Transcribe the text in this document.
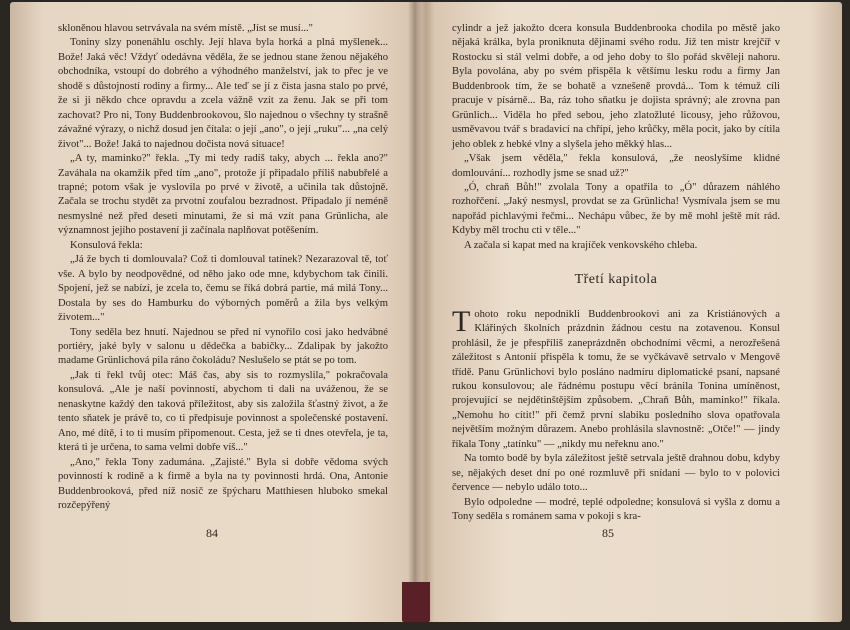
skloněnou hlavou setrvávala na svém místě. „Jíst se musí..."

Toniny slzy ponenáhlu oschly. Její hlava byla horká a plná myšlenek... Bože! Jaká věc! Vždyť odedávna věděla, že se jednou stane ženou nějakého obchodníka, vstoupí do dobrého a výhodného manželství, jak to přec je ve shodě s důstojností rodiny a firmy... Ale teď se jí z čista jasna stalo po prvé, že si ji někdo chce opravdu a zcela vážně vzít za ženu. Jak se při tom zachovat? Pro ni, Tony Buddenbrookovou, šlo najednou o všechny ty strašně závažné výrazy, o nichž dosud jen čítala: o její „ano", o její „ruku"... „na celý život"... Bože! Jaká to najednou dočista nová situace!

„A ty, maminko?" řekla. „Ty mi tedy radíš taky, abych ... řekla ano?" Zaváhala na okamžik před tím „ano", protože jí připadalo příliš nabubřelé a trapné; potom však je vyslovila po prvé v životě, a učinila tak důstojně. Začala se trochu stydět za prvotní zoufalou bezradnost. Připadalo jí neméně nesmyslné než před deseti minutami, že si má vzít pana Grünlicha, ale významnost jejího postavení ji začínala naplňovat potěšením.

Konsulová řekla:

„Já že bych ti domlouvala? Což ti domlouval tatínek? Nezarazoval tě, toť vše. A bylo by neodpovědné, od něho jako ode mne, kdybychom tak činili. Spojení, jež se nabízí, je zcela to, čemu se říká dobrá partie, má milá Tony... Dostala by ses do Hamburku do výborných poměrů a žila bys velkým životem..."

Tony seděla bez hnutí. Najednou se před ní vynořilo cosi jako hedvábné portiéry, jaké byly v salonu u dědečka a babičky... Zdalipak by jakožto madame Grünlichová pila ráno čokoládu? Neslušelo se ptát se po tom.

„Jak ti řekl tvůj otec: Máš čas, aby sis to rozmyslila," pokračovala konsulová. „Ale je naší povinností, abychom ti dali na uváženou, že se nenaskytne každý den taková příležitost, aby sis založila šťastný život, a že tento sňatek je právě to, co ti předpisuje povinnost a společenské postavení. Ano, mé dítě, i to ti musím připomenout. Cesta, jež se ti dnes otevřela, je ta, která ti je určena, to sama velmi dobře víš..."

„Ano," řekla Tony zadumána. „Zajisté." Byla si dobře vědoma svých povinností k rodině a k firmě a byla na ty povinnosti hrdá. Ona, Antonie Buddenbrooková, před níž nosič ze špýcharu Matthiesen hluboko smekal rozčepýřený

84

cylindr a jež jakožto dcera konsula Buddenbrooka chodila po městě jako nějaká králka, byla proniknuta dějinami svého rodu. Již ten mistr krejčíř v Rostocku si stál velmi dobře, a od jeho doby to šlo pořád skvěleji nahoru. Byla povolána, aby po svém přispěla k většímu lesku rodu a firmy Jan Buddenbrook tím, že se bohatě a vznešeně provdá... Tom k témuž cíli pracuje v písárně... Ba, ráz toho sňatku je dojista správný; ale zrovna pan Grünlich... Viděla ho před sebou, jeho zlatožluté licousy, jeho růžovou, usměvavou tvář s bradavicí na chřípí, jeho krůčky, měla pocit, jako by cítila jeho oblek z hebké vlny a slyšela jeho měkký hlas...

„Však jsem věděla," řekla konsulová, „že neoslyšíme klidné domlouvání... rozhodly jsme se snad už?"

„Ó, chraň Bůh!" zvolala Tony a opatřila to „Ó" důrazem náhlého rozhořčení. „Jaký nesmysl, provdat se za Grünlicha! Vysmívala jsem se mu napořád pichlavými řečmi... Nechápu vůbec, že by mě mohl ještě mít rád. Kdyby měl trochu cti v těle..."

A začala si kapat med na krajíček venkovského chleba.

Třetí kapitola

Tohoto roku nepodnikli Buddenbrookovi ani za Kristiánových a Klářiných školních prázdnin žádnou cestu na zotavenou. Konsul prohlásil, že je přespříliš zaneprázdněn obchodními věcmi, a nerozřešená záležitost s Antonií přispěla k tomu, že se vyčkávavě setrvalo v Mengově třídě. Panu Grünlichovi bylo posláno nadmíru diplomatické psaní, napsané rukou konsulovou; ale řádnému postupu věcí bránila Tonina umíněnost, projevující se nejdětinštějším způsobem. „Chraň Bůh, maminko!" říkala. „Nemohu ho cítit!" při čemž první slabiku posledního slova opatřovala největším možným důrazem. Anebo prohlásila slavnostně: „Otče!" — jindy říkala Tony „tatínku" — „nikdy mu neřeknu ano."

Na tomto bodě by byla záležitost ještě setrvala ještě drahnou dobu, kdyby se, nějakých deset dní po oné rozmluvě při snídani — bylo to v polovici července — nebylo událo toto...

Bylo odpoledne — modré, teplé odpoledne; konsulová si vyšla z domu a Tony seděla s románem sama v pokoji s kra-

85
